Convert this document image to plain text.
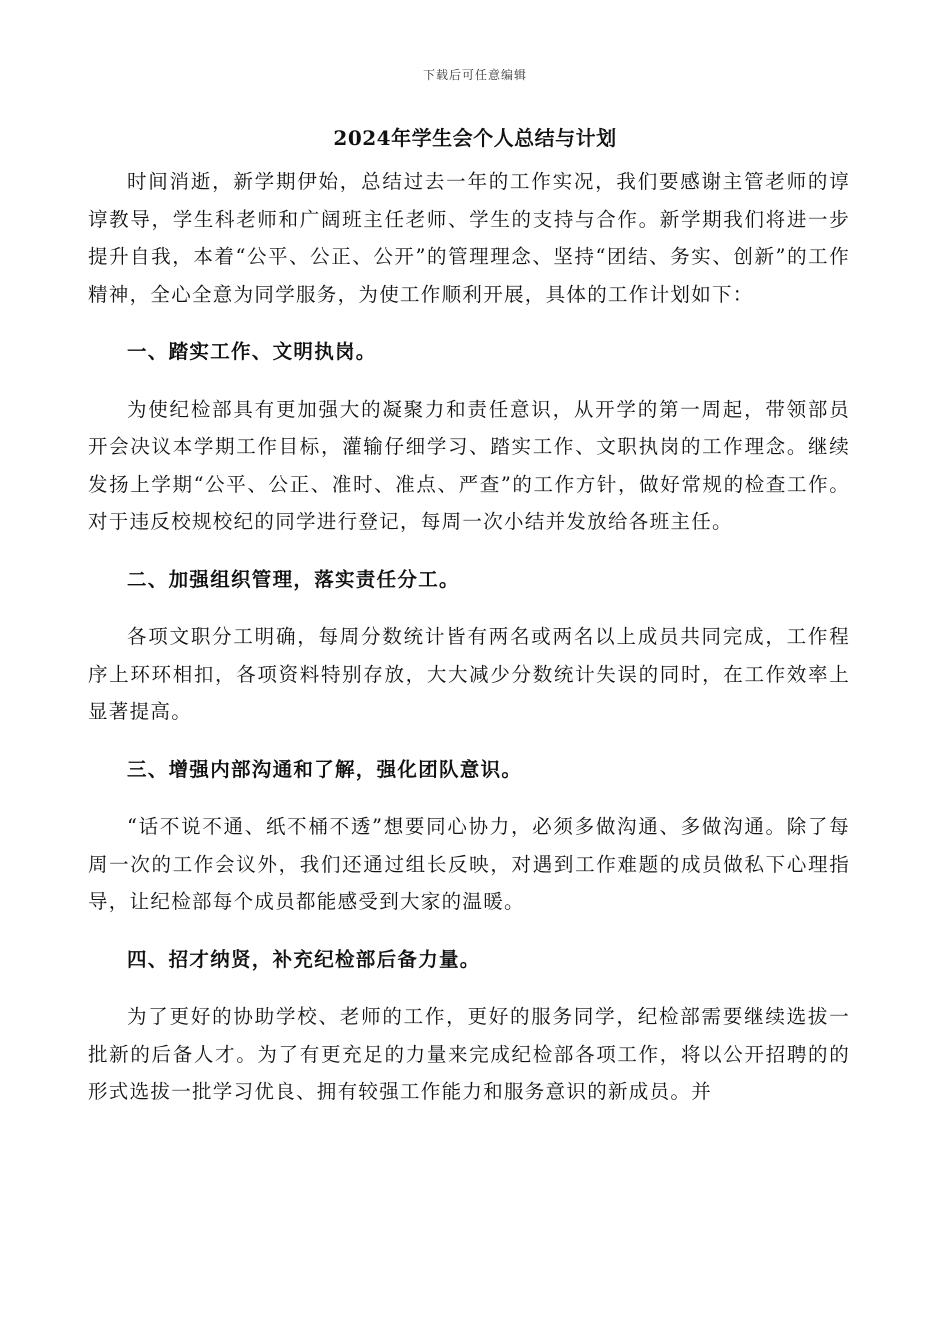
下载后可任意编辑
2024年学生会个人总结与计划

时间消逝，新学期伊始，总结过去一年的工作实况，我们要感谢主管老师的谆谆教导，学生科老师和广阔班主任老师、学生的支持与合作。新学期我们将进一步提升自我，本着“公平、公正、公开”的管理理念、坚持“团结、务实、创新”的工作精神，全心全意为同学服务，为使工作顺利开展，具体的工作计划如下：

一、踏实工作、文明执岗。

为使纪检部具有更加强大的凝聚力和责任意识，从开学的第一周起，带领部员开会决议本学期工作目标，灌输仔细学习、踏实工作、文职执岗的工作理念。继续发扬上学期“公平、公正、准时、准点、严查”的工作方针，做好常规的检查工作。对于违反校规校纪的同学进行登记，每周一次小结并发放给各班主任。

二、加强组织管理，落实责任分工。

各项文职分工明确，每周分数统计皆有两名或两名以上成员共同完成，工作程序上环环相扣，各项资料特别存放，大大减少分数统计失误的同时，在工作效率上显著提高。

三、增强内部沟通和了解，强化团队意识。

“话不说不通、纸不桶不透”想要同心协力，必须多做沟通、多做沟通。除了每周一次的工作会议外，我们还通过组长反映，对遇到工作难题的成员做私下心理指导，让纪检部每个成员都能感受到大家的温暖。

四、招才纳贤，补充纪检部后备力量。

为了更好的协助学校、老师的工作，更好的服务同学，纪检部需要继续选拔一批新的后备人才。为了有更充足的力量来完成纪检部各项工作，将以公开招聘的的形式选拔一批学习优良、拥有较强工作能力和服务意识的新成员。并
